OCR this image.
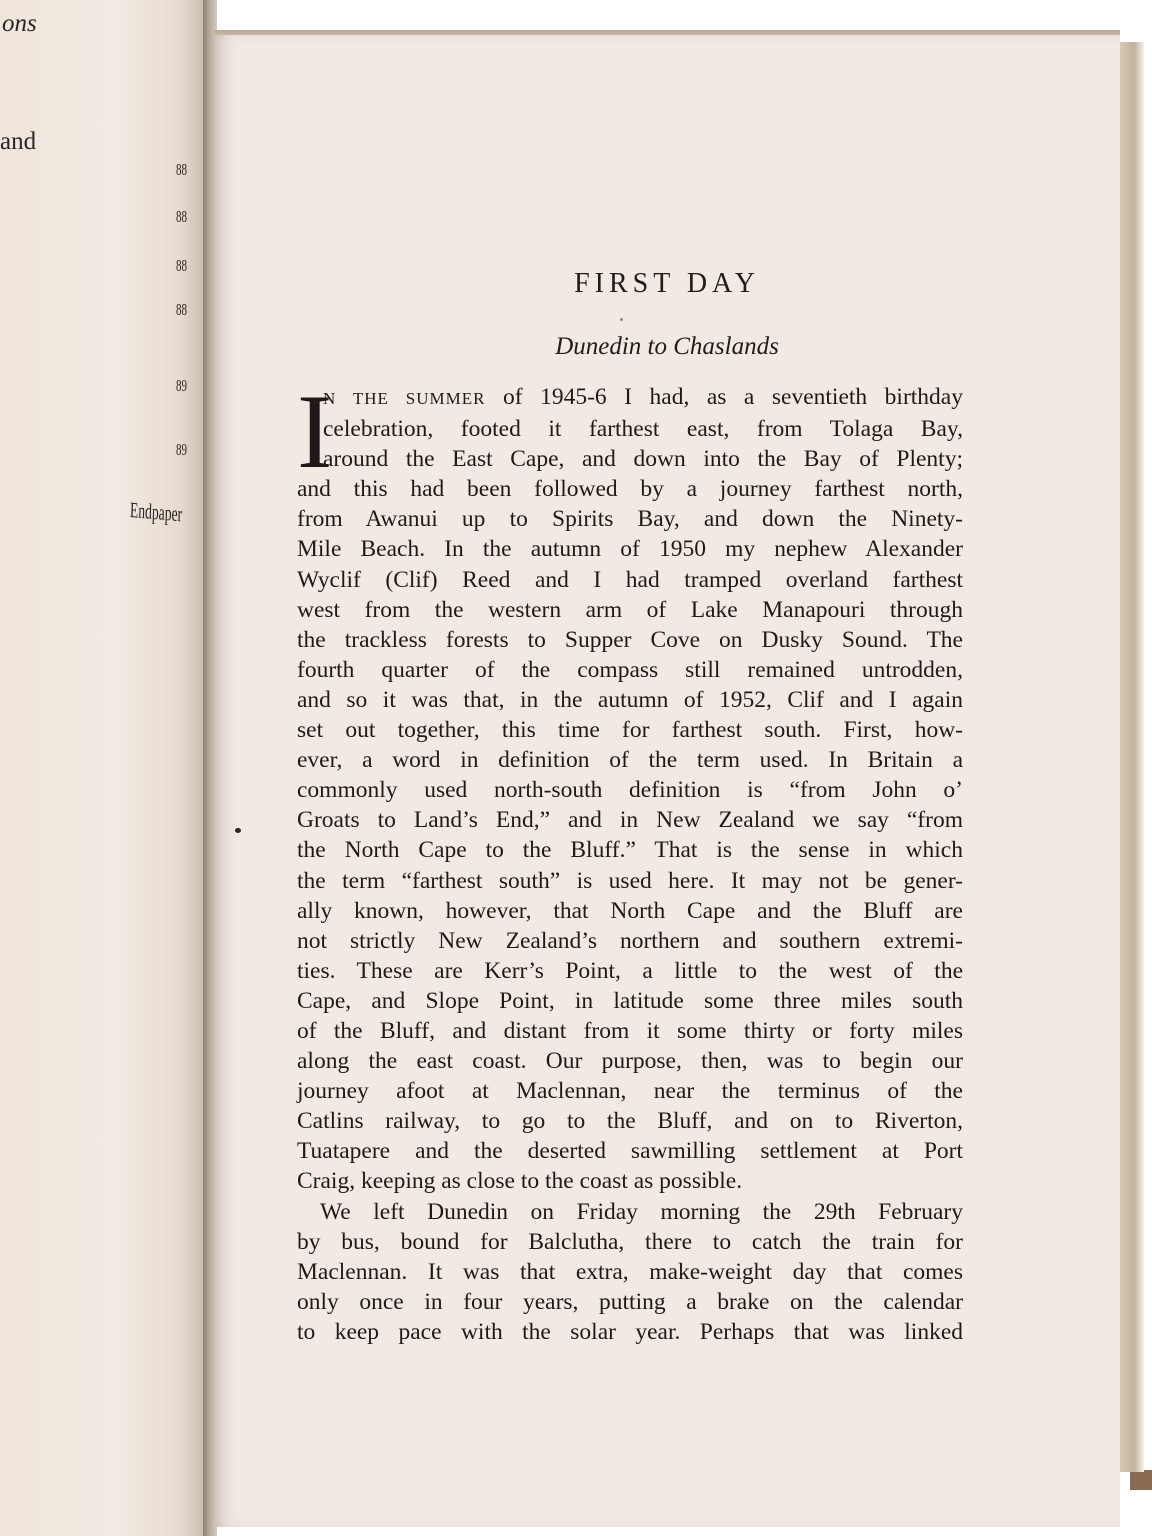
ons
and
88
88
88
88
89
89
Endpaper
FIRST DAY
Dunedin to Chaslands
I
N THE SUMMER of 1945-6 I had, as a seventieth birthday
celebration, footed it farthest east, from Tolaga Bay,
around the East Cape, and down into the Bay of Plenty;
and this had been followed by a journey farthest north,
from Awanui up to Spirits Bay, and down the Ninety-
Mile Beach. In the autumn of 1950 my nephew Alexander
Wyclif (Clif) Reed and I had tramped overland farthest
west from the western arm of Lake Manapouri through
the trackless forests to Supper Cove on Dusky Sound. The
fourth quarter of the compass still remained untrodden,
and so it was that, in the autumn of 1952, Clif and I again
set out together, this time for farthest south. First, how-
ever, a word in definition of the term used. In Britain a
commonly used north-south definition is “from John o’
Groats to Land’s End,” and in New Zealand we say “from
the North Cape to the Bluff.” That is the sense in which
the term “farthest south” is used here. It may not be gener-
ally known, however, that North Cape and the Bluff are
not strictly New Zealand’s northern and southern extremi-
ties. These are Kerr’s Point, a little to the west of the
Cape, and Slope Point, in latitude some three miles south
of the Bluff, and distant from it some thirty or forty miles
along the east coast. Our purpose, then, was to begin our
journey afoot at Maclennan, near the terminus of the
Catlins railway, to go to the Bluff, and on to Riverton,
Tuatapere and the deserted sawmilling settlement at Port
Craig, keeping as close to the coast as possible.
We left Dunedin on Friday morning the 29th February
by bus, bound for Balclutha, there to catch the train for
Maclennan. It was that extra, make-weight day that comes
only once in four years, putting a brake on the calendar
to keep pace with the solar year. Perhaps that was linked
